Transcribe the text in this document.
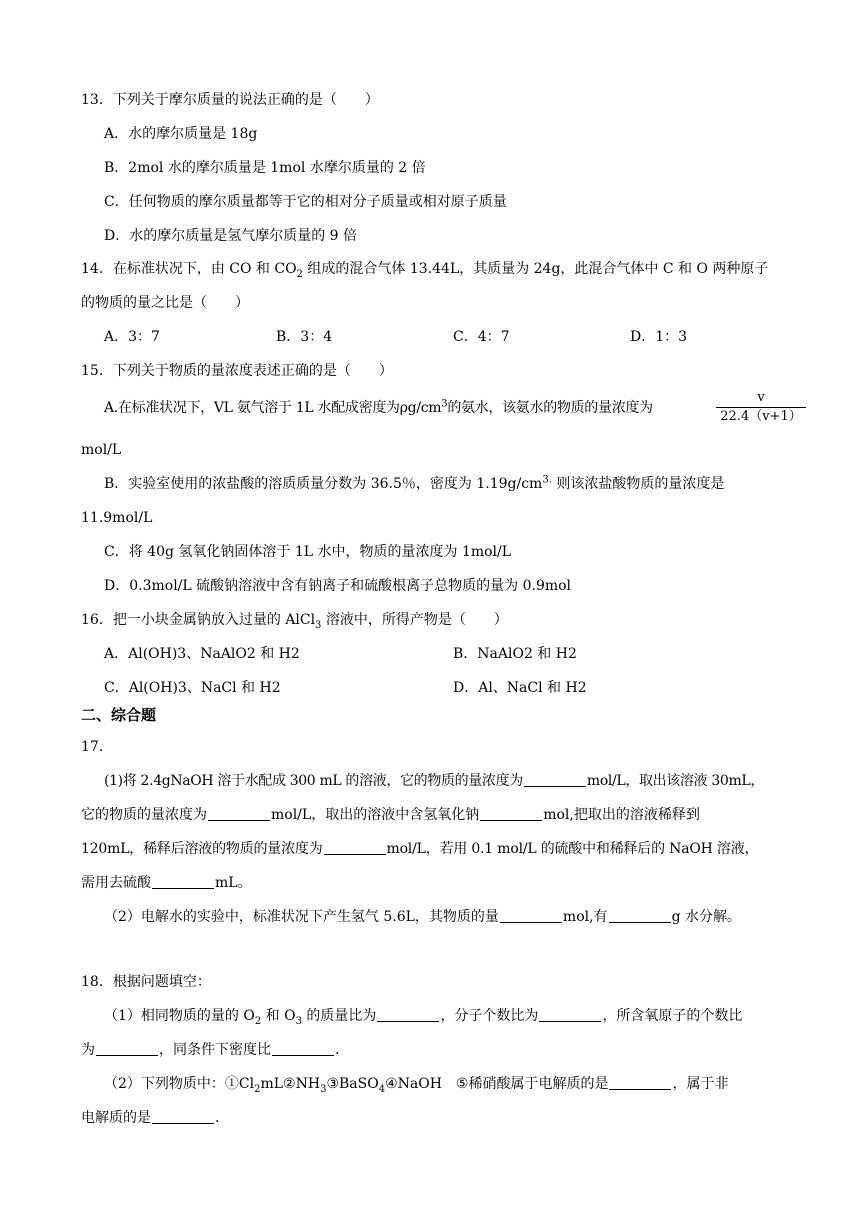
13．下列关于摩尔质量的说法正确的是（　　）
A．水的摩尔质量是 18g
B．2mol 水的摩尔质量是 1mol 水摩尔质量的 2 倍
C．任何物质的摩尔质量都等于它的相对分子质量或相对原子质量
D．水的摩尔质量是氢气摩尔质量的 9 倍
14．在标准状况下，由 CO 和 $CO_2$ 组成的混合气体 13.44L，其质量为 24g，此混合气体中 C 和 O 两种原子
的物质的量之比是（　　）
A．3：7	B．3：4	C．4：7	D．1：3
15．下列关于物质的量浓度表述正确的是（　　）
A.在标准状况下，VL 氨气溶于 1L 水配成密度为$\rho g/cm^3$的氨水，该氨水的物质的量浓度为	$\frac{v}{22.4(v+1)}$
mol/L
B．实验室使用的浓盐酸的溶质质量分数为 36.5％，密度为 $1.19g/cm^{3.}$ 则该浓盐酸物质的量浓度是
11.9mol/L
C．将 40g 氢氧化钠固体溶于 1L 水中，物质的量浓度为 1mol/L
D．0.3mol/L 硫酸钠溶液中含有钠离子和硫酸根离子总物质的量为 0.9mol
16．把一小块金属钠放入过量的 AlCl$_3$ 溶液中，所得产物是（　　）
A．Al(OH)3、NaAlO2 和 H2	B．NaAlO2 和 H2
C．Al(OH)3、NaCl 和 H2	D．Al、NaCl 和 H2
二、综合题
17．
(1)将 2.4gNaOH 溶于水配成 300 mL 的溶液，它的物质的量浓度为	mol/L，取出该溶液 30mL，
它的物质的量浓度为	mol/L，取出的溶液中含氢氧化钠	mol,把取出的溶液稀释到
120mL，稀释后溶液的物质的量浓度为	mol/L，若用 0.1 mol/L 的硫酸中和稀释后的 NaOH 溶液，
需用去硫酸	mL。
（2）电解水的实验中，标准状况下产生氢气 5.6L，其物质的量	mol,有	g 水分解。
18．根据问题填空：
（1）相同物质的量的 $O_2$ 和 $O_3$ 的质量比为	，分子个数比为	，所含氧原子的个数比
为	，同条件下密度比	.
（2）下列物质中：$①Cl_2mL②NH_3③BaSO_4④NaOH$　⑤稀硝酸属于电解质的是	，属于非
电解质的是	.
